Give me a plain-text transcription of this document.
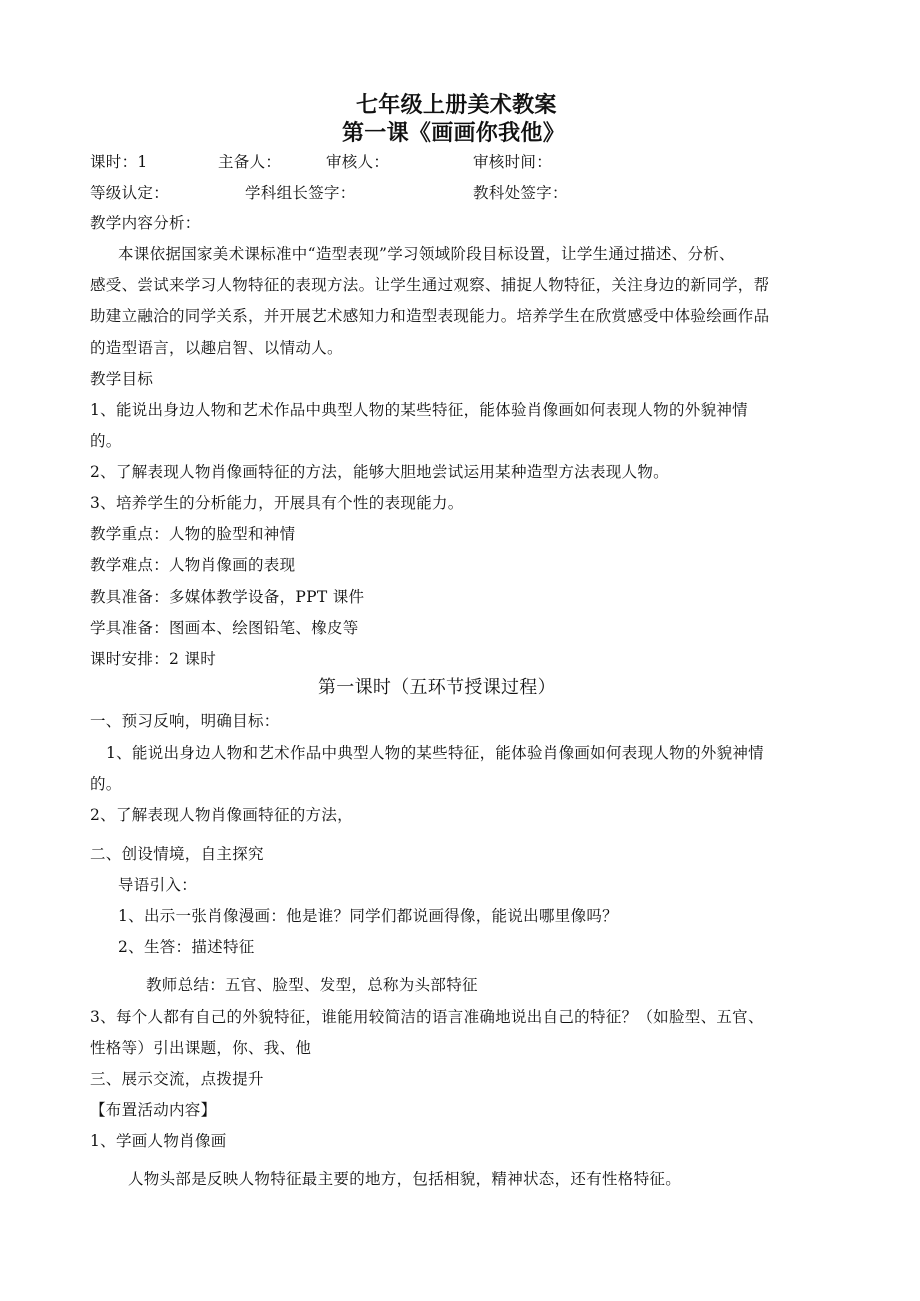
七年级上册美术教案
第一课《画画你我他》
课时：1	主备人：	审核人：	审核时间：
等级认定：	学科组长签字：	教科处签字：
教学内容分析：
本课依据国家美术课标准中“造型表现”学习领域阶段目标设置，让学生通过描述、分析、
感受、尝试来学习人物特征的表现方法。让学生通过观察、捕捉人物特征，关注身边的新同学，帮
助建立融洽的同学关系，并开展艺术感知力和造型表现能力。培养学生在欣赏感受中体验绘画作品
的造型语言，以趣启智、以情动人。
教学目标
1、能说出身边人物和艺术作品中典型人物的某些特征，能体验肖像画如何表现人物的外貌神情
的。
2、了解表现人物肖像画特征的方法，能够大胆地尝试运用某种造型方法表现人物。
3、培养学生的分析能力，开展具有个性的表现能力。
教学重点：人物的脸型和神情
教学难点：人物肖像画的表现
教具准备：多媒体教学设备，PPT 课件
学具准备：图画本、绘图铅笔、橡皮等
课时安排：2 课时
第一课时（五环节授课过程）
一、预习反响，明确目标：
1、能说出身边人物和艺术作品中典型人物的某些特征，能体验肖像画如何表现人物的外貌神情
的。
2、了解表现人物肖像画特征的方法，
二、创设情境，自主探究
导语引入：
1、出示一张肖像漫画：他是谁？同学们都说画得像，能说出哪里像吗？
2、生答：描述特征
教师总结：五官、脸型、发型，总称为头部特征
3、每个人都有自己的外貌特征，谁能用较简洁的语言准确地说出自己的特征？（如脸型、五官、
性格等）引出课题，你、我、他
三、展示交流，点拨提升
【布置活动内容】
1、学画人物肖像画
人物头部是反映人物特征最主要的地方，包括相貌，精神状态，还有性格特征。
